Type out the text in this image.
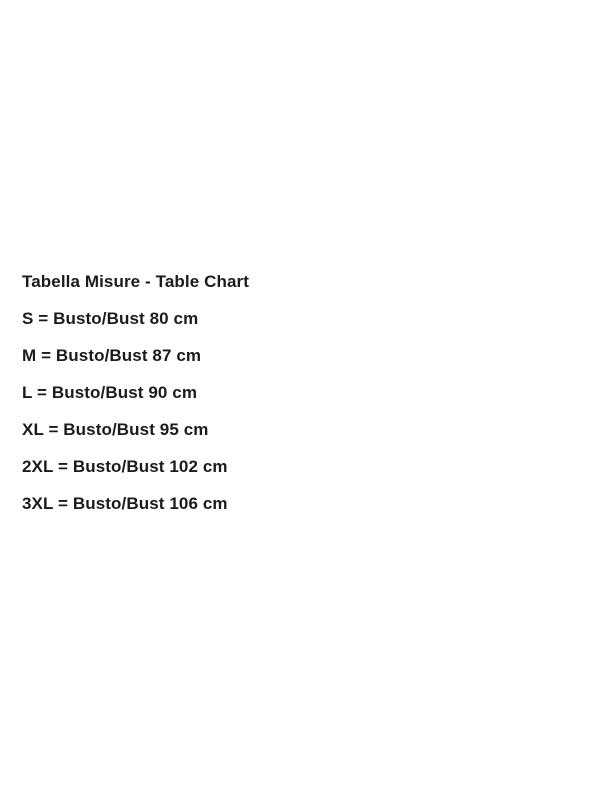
Tabella Misure - Table Chart

S = Busto/Bust 80 cm

M = Busto/Bust 87 cm

L = Busto/Bust 90 cm

XL = Busto/Bust 95 cm

2XL = Busto/Bust 102 cm

3XL = Busto/Bust 106 cm
